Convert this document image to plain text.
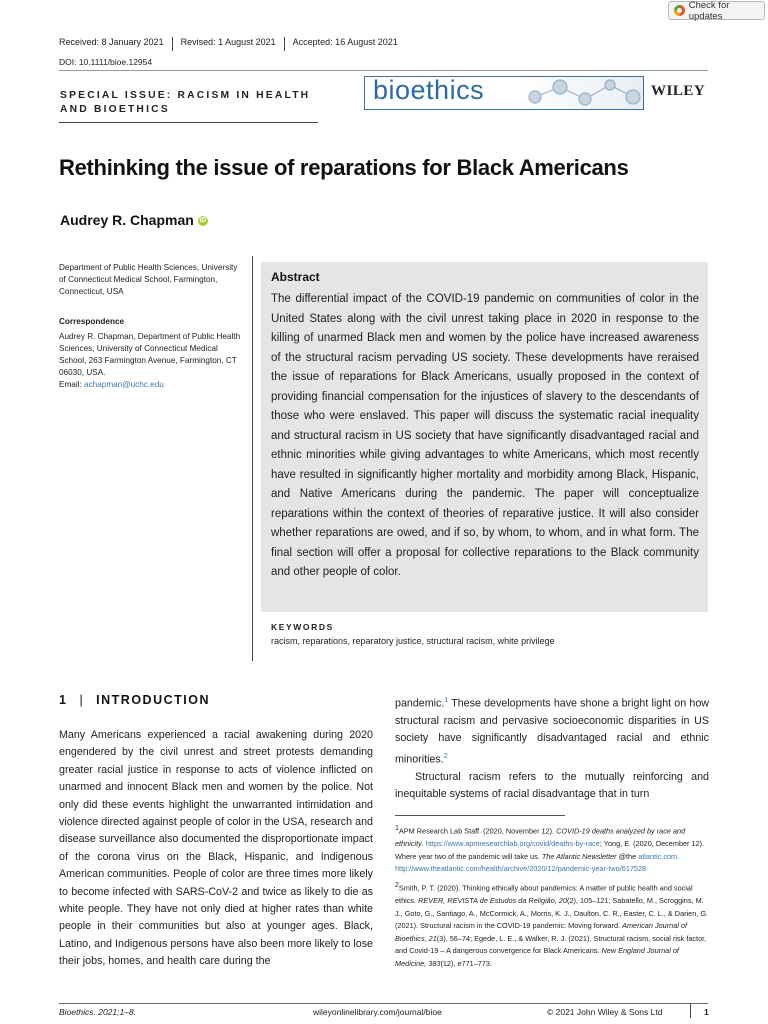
Check for updates
Received: 8 January 2021	Revised: 1 August 2021	Accepted: 16 August 2021
DOI: 10.1111/bioe.12954
SPECIAL ISSUE: RACISM IN HEALTH AND BIOETHICS
bioethics	WILEY
Rethinking the issue of reparations for Black Americans
Audrey R. Chapman iD
Department of Public Health Sciences, University of Connecticut Medical School, Farmington, Connecticut, USA
Correspondence
Audrey R. Chapman, Department of Public Health Sciences, University of Connecticut Medical School, 263 Farmington Avenue, Farmington, CT 06030, USA.
Email: achapman@uchc.edu
Abstract
The differential impact of the COVID-19 pandemic on communities of color in the United States along with the civil unrest taking place in 2020 in response to the killing of unarmed Black men and women by the police have increased awareness of the structural racism pervading US society. These developments have reraised the issue of reparations for Black Americans, usually proposed in the context of providing financial compensation for the injustices of slavery to the descendants of those who were enslaved. This paper will discuss the systematic racial inequality and structural racism in US society that have significantly disadvantaged racial and ethnic minorities while giving advantages to white Americans, which most recently have resulted in significantly higher mortality and morbidity among Black, Hispanic, and Native Americans during the pandemic. The paper will conceptualize reparations within the context of theories of reparative justice. It will also consider whether reparations are owed, and if so, by whom, to whom, and in what form. The final section will offer a proposal for collective reparations to the Black community and other people of color.
KEYWORDS
racism, reparations, reparatory justice, structural racism, white privilege
1 | INTRODUCTION
Many Americans experienced a racial awakening during 2020 engendered by the civil unrest and street protests demanding greater racial justice in response to acts of violence inflicted on unarmed and innocent Black men and women by the police. Not only did these events highlight the unwarranted intimidation and violence directed against people of color in the USA, research and disease surveillance also documented the disproportionate impact of the corona virus on the Black, Hispanic, and Indigenous American communities. People of color are three times more likely to become infected with SARS-CoV-2 and twice as likely to die as white people. They have not only died at higher rates than white people in their communities but also at younger ages. Black, Latino, and Indigenous persons have also been more likely to lose their jobs, homes, and health care during the
pandemic.$^1$ These developments have shone a bright light on how structural racism and pervasive socioeconomic disparities in US society have significantly disadvantaged racial and ethnic minorities.$^2$
Structural racism refers to the mutually reinforcing and inequitable systems of racial disadvantage that in turn
$^1$APM Research Lab Staff. (2020, November 12). COVID-19 deaths analyzed by race and ethnicity. https://www.apmresearchlab.org/covid/deaths-by-race; Yong, E. (2020, December 12). Where year two of the pandemic will take us. The Atlantic Newsletter @the atlantic.com. http://www.theatlantic.com/health/archive/2020/12/pandemic-year-two/617528
$^2$Smith, P. T. (2020). Thinking ethically about pandemics: A matter of public health and social ethics. REVER, REVISTA de Estudos da Religião, 20(2), 105–121; Sabatello, M., Scroggins, M. J., Goto, G., Santiago, A., McCormick, A., Morris, K. J., Daulton, C. R., Easter, C. L., & Darien, G. (2021). Structural racism in the COVID-19 pandemic: Moving forward. American Journal of Bioethics, 21(3), 56–74; Egede, L. E., & Walker, R. J. (2021). Structural racism, social risk factor, and Covid-19 – A dangerous convergence for Black Americans. New England Journal of Medicine, 383(12), e771–773.
Bioethics. 2021;1–8.	wileyonlinelibrary.com/journal/bioe	© 2021 John Wiley & Sons Ltd	1
